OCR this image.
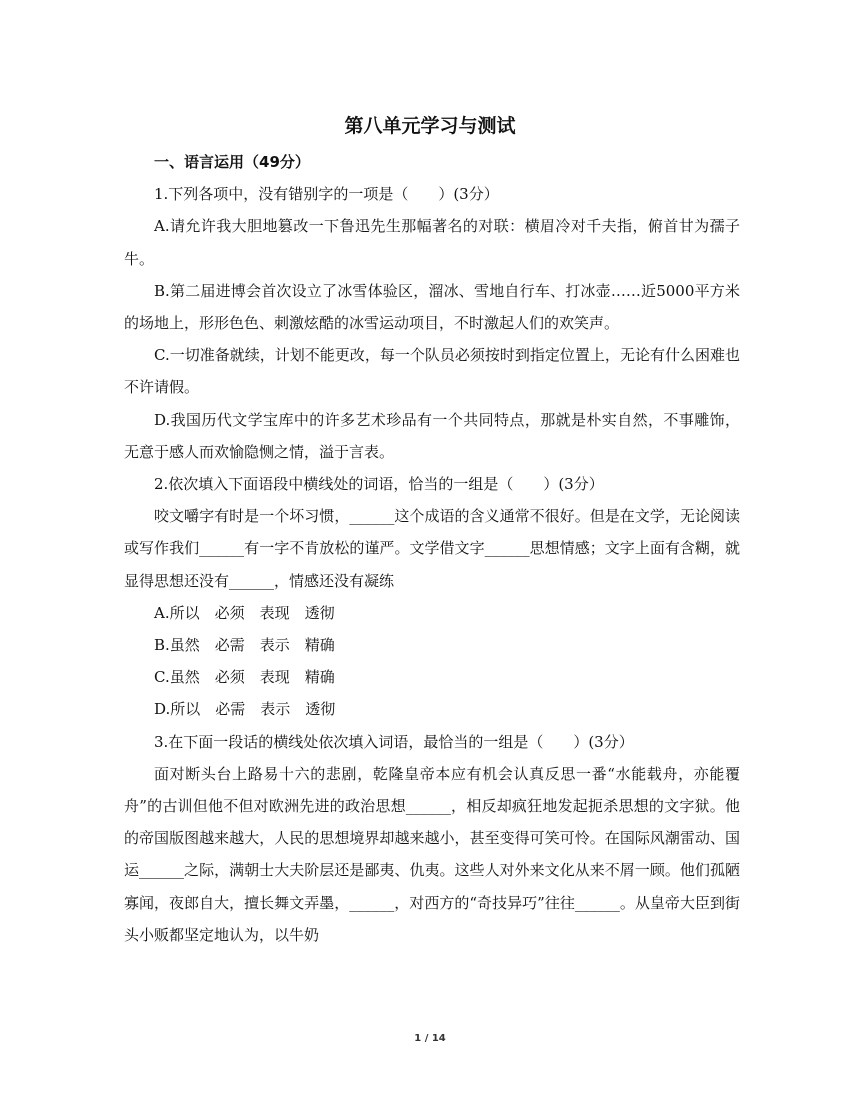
第八单元学习与测试

一、语言运用（49分）

1.下列各项中，没有错别字的一项是（　　）(3分）

A.请允许我大胆地篡改一下鲁迅先生那幅著名的对联：横眉冷对千夫指，俯首甘为孺子牛。

B.第二届进博会首次设立了冰雪体验区，溜冰、雪地自行车、打冰壶……近5000平方米的场地上，形形色色、刺激炫酷的冰雪运动项目，不时激起人们的欢笑声。

C.一切准备就续，计划不能更改，每一个队员必须按时到指定位置上，无论有什么困难也不许请假。

D.我国历代文学宝库中的许多艺术珍品有一个共同特点，那就是朴实自然，不事雕饰，无意于感人而欢愉隐恻之情，溢于言表。

2.依次填入下面语段中横线处的词语，恰当的一组是（　　）(3分）

咬文嚼字有时是一个坏习惯，______这个成语的含义通常不很好。但是在文学，无论阅读或写作我们______有一字不肯放松的谨严。文学借文字______思想情感；文字上面有含糊，就显得思想还没有______，情感还没有凝练

A.所以　必须　表现　透彻

B.虽然　必需　表示　精确

C.虽然　必须　表现　精确

D.所以　必需　表示　透彻

3.在下面一段话的横线处依次填入词语，最恰当的一组是（　　）(3分）

面对断头台上路易十六的悲剧，乾隆皇帝本应有机会认真反思一番“水能载舟，亦能覆舟”的古训但他不但对欧洲先进的政治思想______，相反却疯狂地发起扼杀思想的文字狱。他的帝国版图越来越大，人民的思想境界却越来越小，甚至变得可笑可怜。在国际风潮雷动、国运______之际，满朝士大夫阶层还是鄙夷、仇夷。这些人对外来文化从来不屑一顾。他们孤陋寡闻，夜郎自大，擅长舞文弄墨，______，对西方的“奇技异巧”往往______。从皇帝大臣到街头小贩都坚定地认为，以牛奶

1 / 14
